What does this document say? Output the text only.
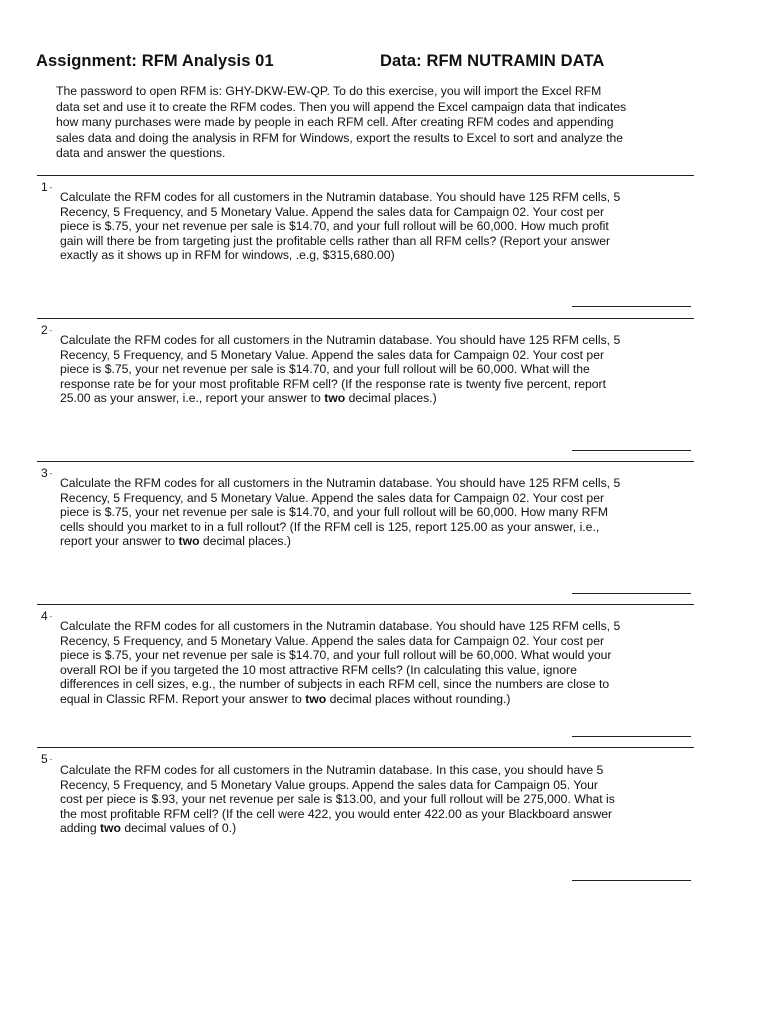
Assignment: RFM Analysis 01	Data: RFM NUTRAMIN DATA
The password to open RFM is: GHY-DKW-EW-QP. To do this exercise, you will import the Excel RFM
data set and use it to create the RFM codes. Then you will append the Excel campaign data that indicates
how many purchases were made by people in each RFM cell. After creating RFM codes and appending
sales data and doing the analysis in RFM for Windows, export the results to Excel to sort and analyze the
data and answer the questions.
1 -
Calculate the RFM codes for all customers in the Nutramin database. You should have 125 RFM cells, 5
Recency, 5 Frequency, and 5 Monetary Value. Append the sales data for Campaign 02. Your cost per
piece is $.75, your net revenue per sale is $14.70, and your full rollout will be 60,000. How much profit
gain will there be from targeting just the profitable cells rather than all RFM cells? (Report your answer
exactly as it shows up in RFM for windows, .e.g, $315,680.00)
2 -
Calculate the RFM codes for all customers in the Nutramin database. You should have 125 RFM cells, 5
Recency, 5 Frequency, and 5 Monetary Value. Append the sales data for Campaign 02. Your cost per
piece is $.75, your net revenue per sale is $14.70, and your full rollout will be 60,000. What will the
response rate be for your most profitable RFM cell? (If the response rate is twenty five percent, report
25.00 as your answer, i.e., report your answer to two decimal places.)
3 -
Calculate the RFM codes for all customers in the Nutramin database. You should have 125 RFM cells, 5
Recency, 5 Frequency, and 5 Monetary Value. Append the sales data for Campaign 02. Your cost per
piece is $.75, your net revenue per sale is $14.70, and your full rollout will be 60,000. How many RFM
cells should you market to in a full rollout? (If the RFM cell is 125, report 125.00 as your answer, i.e.,
report your answer to two decimal places.)
4 -
Calculate the RFM codes for all customers in the Nutramin database. You should have 125 RFM cells, 5
Recency, 5 Frequency, and 5 Monetary Value. Append the sales data for Campaign 02. Your cost per
piece is $.75, your net revenue per sale is $14.70, and your full rollout will be 60,000. What would your
overall ROI be if you targeted the 10 most attractive RFM cells? (In calculating this value, ignore
differences in cell sizes, e.g., the number of subjects in each RFM cell, since the numbers are close to
equal in Classic RFM. Report your answer to two decimal places without rounding.)
5 -
Calculate the RFM codes for all customers in the Nutramin database. In this case, you should have 5
Recency, 5 Frequency, and 5 Monetary Value groups. Append the sales data for Campaign 05. Your
cost per piece is $.93, your net revenue per sale is $13.00, and your full rollout will be 275,000. What is
the most profitable RFM cell? (If the cell were 422, you would enter 422.00 as your Blackboard answer
adding two decimal values of 0.)
